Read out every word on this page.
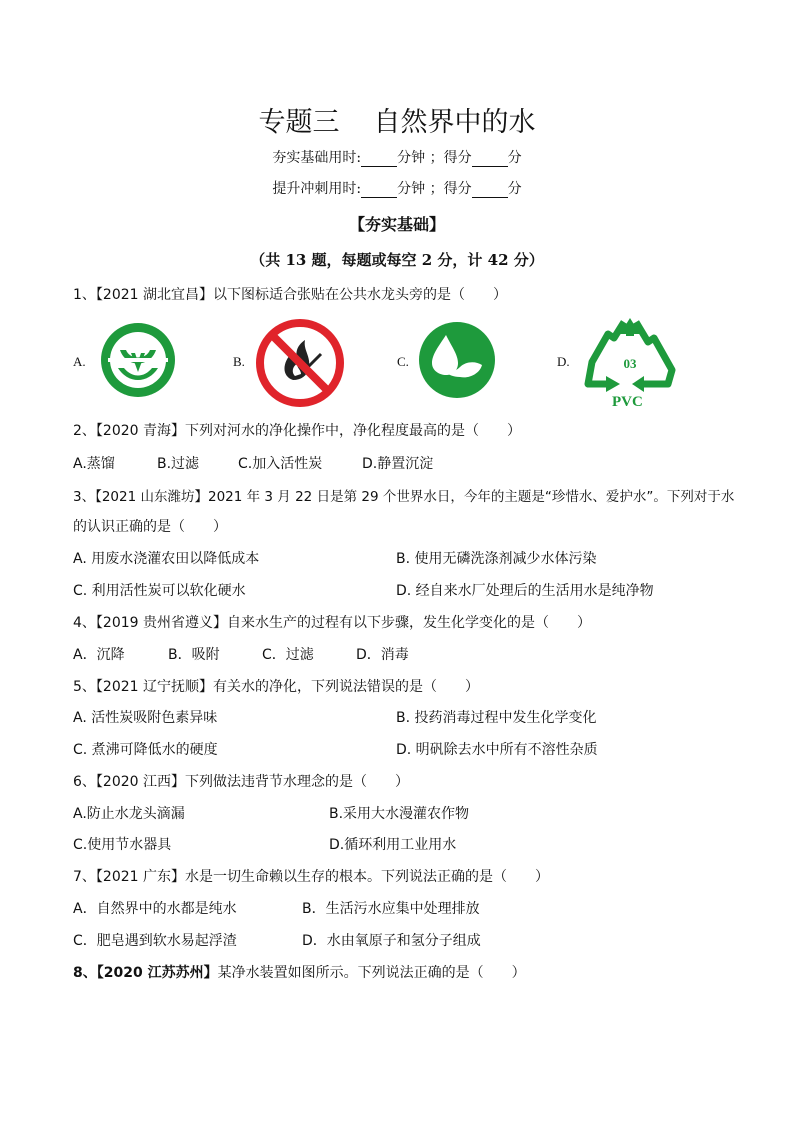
专题三 自然界中的水
夯实基础用时:	分钟 ；得分	分
提升冲刺用时:	分钟 ；得分	分
【夯实基础】
（共 13 题，每题或每空 2 分，计 42 分）
1、【2021 湖北宜昌】以下图标适合张贴在公共水龙头旁的是（　　）
A.	B.	C.	D.	03
PVC
2、【2020 青海】下列对河水的净化操作中，净化程度最高的是（　　）
A.蒸馏	B.过滤	C.加入活性炭	D.静置沉淀
3、【2021 山东潍坊】2021 年 3 月 22 日是第 29 个世界水日，今年的主题是“珍惜水、爱护水”。下列对于水
的认识正确的是（　　）
A. 用废水浇灌农田以降低成本	B. 使用无磷洗涤剂减少水体污染
C. 利用活性炭可以软化硬水	D. 经自来水厂处理后的生活用水是纯净物
4、【2019 贵州省遵义】自来水生产的过程有以下步骤，发生化学变化的是（　　）
A．沉降	B．吸附	C．过滤	D．消毒
5、【2021 辽宁抚顺】有关水的净化，下列说法错误的是（　　）
A. 活性炭吸附色素异味	B. 投药消毒过程中发生化学变化
C. 煮沸可降低水的硬度	D. 明矾除去水中所有不溶性杂质
6、【2020 江西】下列做法违背节水理念的是（　　）
A.防止水龙头滴漏	B.采用大水漫灌农作物
C.使用节水器具	D.循环利用工业用水
7、【2021 广东】水是一切生命赖以生存的根本。下列说法正确的是（　　）
A．自然界中的水都是纯水	B．生活污水应集中处理排放
C．肥皂遇到软水易起浮渣	D．水由氧原子和氢分子组成
8、【2020 江苏苏州】某净水装置如图所示。下列说法正确的是（　　）
